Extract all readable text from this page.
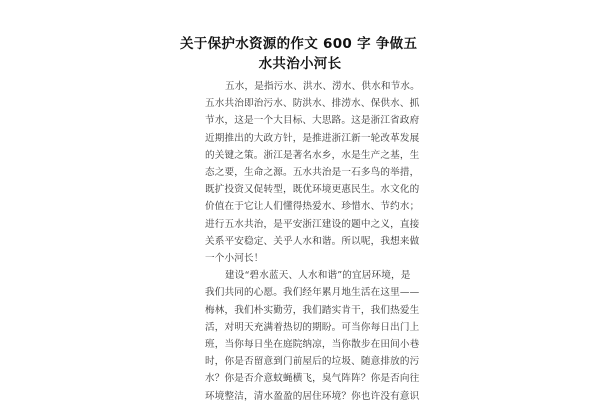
关于保护水资源的作文 600 字 争做五
水共治小河长
五水，是指污水、洪水、涝水、供水和节水。
五水共治即治污水、防洪水、排涝水、保供水、抓
节水，这是一个大目标、大思路。这是浙江省政府
近期推出的大政方针，是推进浙江新一轮改革发展
的关键之策。浙江是著名水乡，水是生产之基，生
态之要，生命之源。五水共治是一石多鸟的举措，
既扩投资又促转型，既优环境更惠民生。水文化的
价值在于它让人们懂得热爱水、珍惜水、节约水；
进行五水共治，是平安浙江建设的题中之义，直接
关系平安稳定、关乎人水和谐。所以呢，我想来做
一个小河长！
建设“碧水蓝天、人水和谐”的宜居环境，是
我们共同的心愿。我们经年累月地生活在这里——
梅林，我们朴实勤劳，我们踏实肯干，我们热爱生
活，对明天充满着热切的期盼。可当你每日出门上
班，当你每日坐在庭院纳凉，当你散步在田间小巷
时，你是否留意到门前屋后的垃圾、随意排放的污
水？你是否介意蚊蝇横飞，臭气阵阵？你是否向往
环境整洁，清水盈盈的居住环境？你也许没有意识
